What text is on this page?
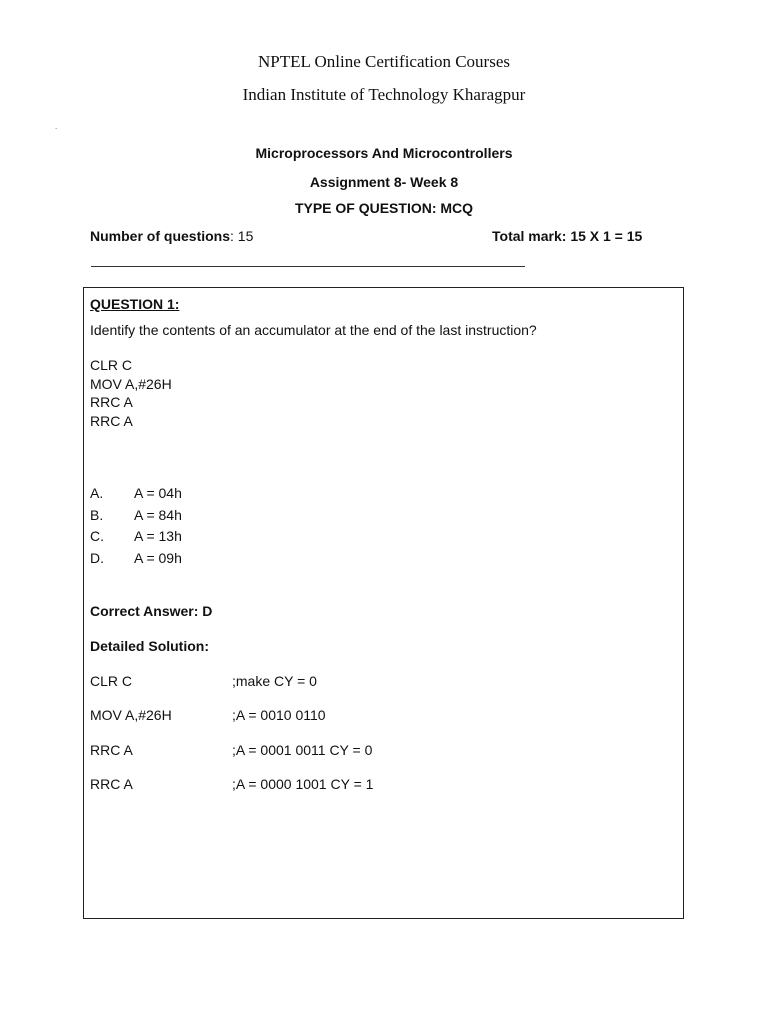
NPTEL Online Certification Courses
Indian Institute of Technology Kharagpur
.
Microprocessors And Microcontrollers
Assignment 8- Week 8
TYPE OF QUESTION: MCQ
Number of questions: 15	Total mark: 15 X 1 = 15
QUESTION 1:
Identify the contents of an accumulator at the end of the last instruction?
CLR C
MOV A,#26H
RRC A
RRC A
A. A = 04h
B. A = 84h
C. A = 13h
D. A = 09h
Correct Answer: D
Detailed Solution:
CLR C	;make CY = 0
MOV A,#26H	;A = 0010 0110
RRC A	;A = 0001 0011 CY = 0
RRC A	;A = 0000 1001 CY = 1
